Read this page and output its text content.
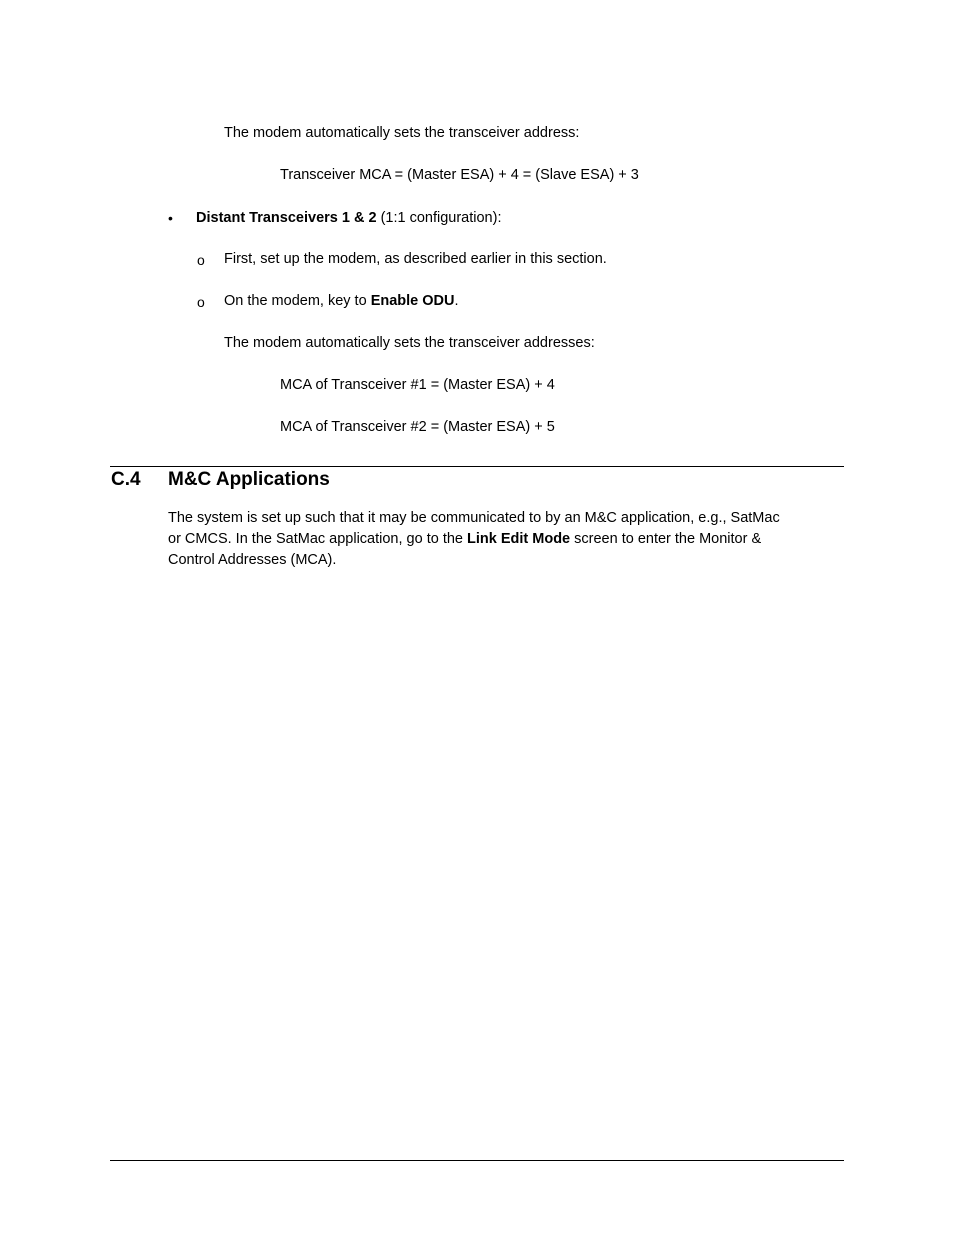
The modem automatically sets the transceiver address:
Transceiver MCA = (Master ESA) + 4 = (Slave ESA) + 3
• Distant Transceivers 1 & 2 (1:1 configuration):
o First, set up the modem, as described earlier in this section.
o On the modem, key to Enable ODU.
The modem automatically sets the transceiver addresses:
MCA of Transceiver #1 = (Master ESA) + 4
MCA of Transceiver #2 = (Master ESA) + 5
C.4 M&C Applications
The system is set up such that it may be communicated to by an M&C application, e.g., SatMac
or CMCS. In the SatMac application, go to the Link Edit Mode screen to enter the Monitor &
Control Addresses (MCA).
